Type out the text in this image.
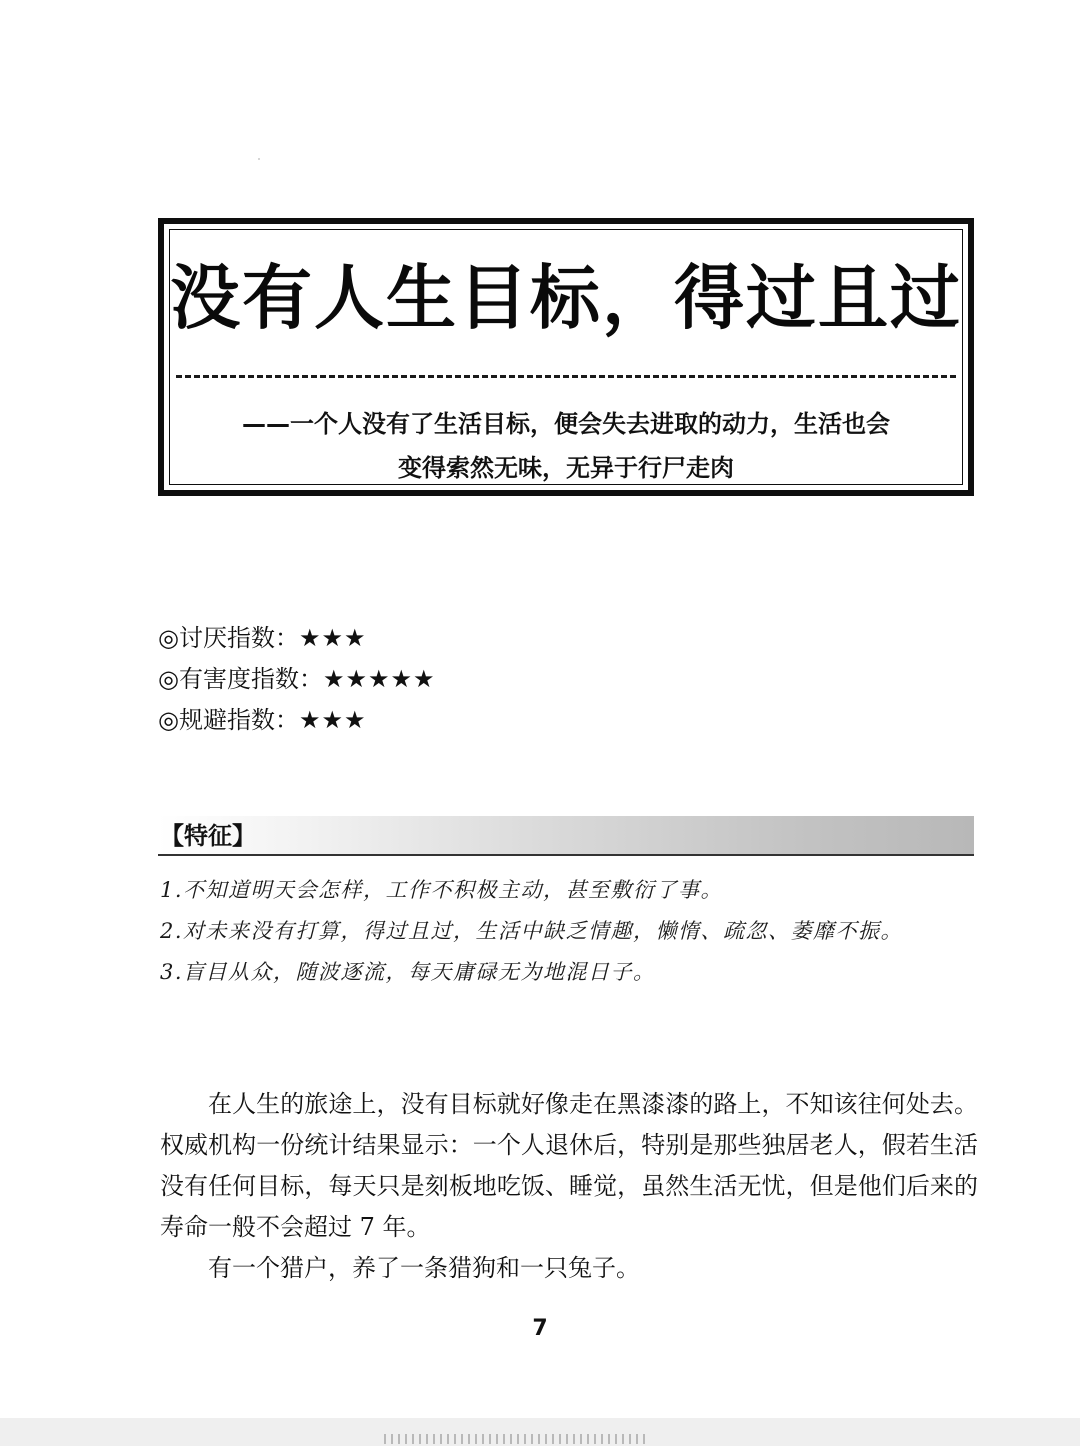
没有人生目标，得过且过
——一个人没有了生活目标，便会失去进取的动力，生活也会
变得索然无味，无异于行尸走肉
◎讨厌指数：★★★
◎有害度指数：★★★★★
◎规避指数：★★★
【特征】
1.不知道明天会怎样，工作不积极主动，甚至敷衍了事。
2.对未来没有打算，得过且过，生活中缺乏情趣，懒惰、疏忽、萎靡不振。
3.盲目从众，随波逐流，每天庸碌无为地混日子。

在人生的旅途上，没有目标就好像走在黑漆漆的路上，不知该往何处去。权威机构一份统计结果显示：一个人退休后，特别是那些独居老人，假若生活没有任何目标，每天只是刻板地吃饭、睡觉，虽然生活无忧，但是他们后来的寿命一般不会超过 7 年。

有一个猎户，养了一条猎狗和一只兔子。

7
